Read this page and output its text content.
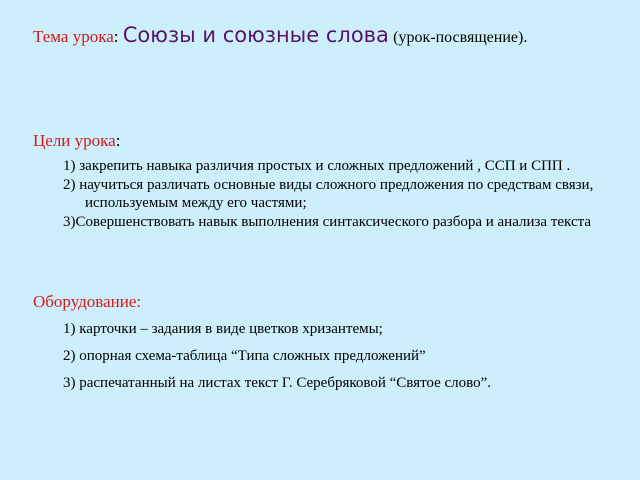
Тема урока: Союзы и союзные слова (урок-посвящение).
Цели урока:
1) закрепить навыка различия простых и сложных предложений , ССП и СПП .
2) научиться различать основные виды сложного предложения по средствам связи, используемым между его частями;
3)Совершенствовать навык выполнения синтаксического разбора и анализа текста
Оборудование:
1) карточки – задания в виде цветков хризантемы;
2) опорная схема-таблица “Типа сложных предложений”
3) распечатанный на листах текст Г. Серебряковой “Святое слово”.
